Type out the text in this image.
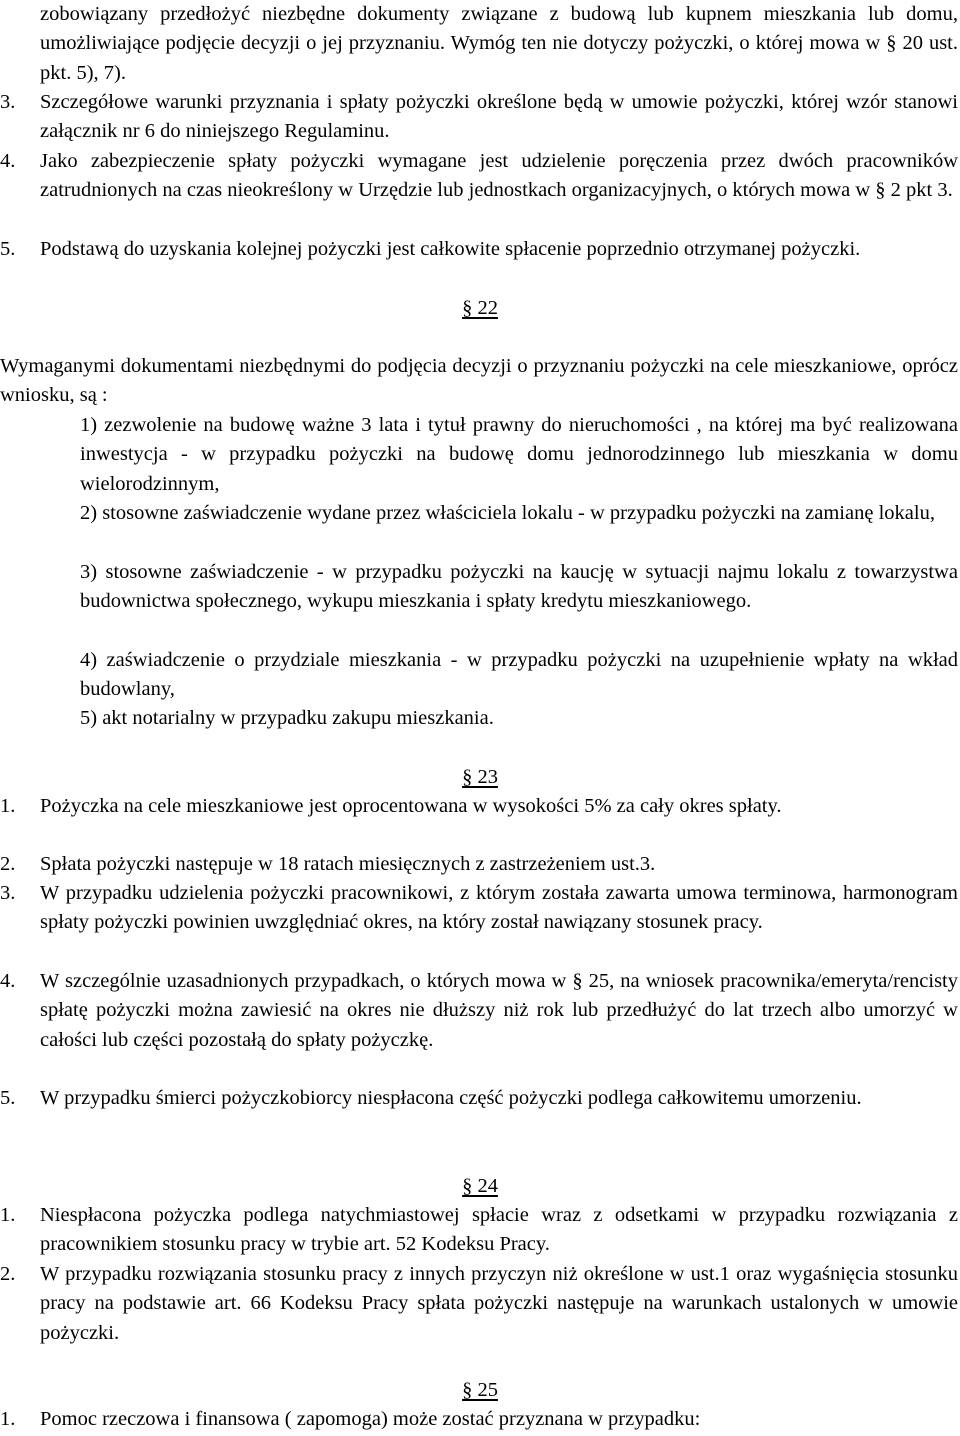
zobowiązany przedłożyć niezbędne dokumenty związane z budową lub kupnem mieszkania lub domu, umożliwiające podjęcie decyzji o jej przyznaniu. Wymóg ten nie dotyczy pożyczki, o której mowa w § 20 ust. pkt. 5), 7).
3. Szczegółowe warunki przyznania i spłaty pożyczki określone będą w umowie pożyczki, której wzór stanowi załącznik nr 6 do niniejszego Regulaminu.
4. Jako zabezpieczenie spłaty pożyczki wymagane jest udzielenie poręczenia przez dwóch pracowników zatrudnionych na czas nieokreślony w Urzędzie lub jednostkach organizacyjnych, o których mowa w § 2 pkt 3.
5. Podstawą do uzyskania kolejnej pożyczki jest całkowite spłacenie poprzednio otrzymanej pożyczki.
§ 22
Wymaganymi dokumentami niezbędnymi do podjęcia decyzji o przyznaniu pożyczki na cele mieszkaniowe, oprócz wniosku, są :
1) zezwolenie na budowę ważne 3 lata i tytuł prawny do nieruchomości , na której ma być realizowana inwestycja - w przypadku pożyczki na budowę domu jednorodzinnego lub mieszkania w domu wielorodzinnym,
2) stosowne zaświadczenie wydane przez właściciela lokalu - w przypadku pożyczki na zamianę lokalu,
3) stosowne zaświadczenie - w przypadku pożyczki na kaucję w sytuacji najmu lokalu z towarzystwa budownictwa społecznego, wykupu mieszkania i spłaty kredytu mieszkaniowego.
4) zaświadczenie o przydziale mieszkania - w przypadku pożyczki na uzupełnienie wpłaty na wkład budowlany,
5) akt notarialny w przypadku zakupu mieszkania.
§ 23
1. Pożyczka na cele mieszkaniowe jest oprocentowana w wysokości 5% za cały okres spłaty.
2. Spłata pożyczki następuje w 18 ratach miesięcznych z zastrzeżeniem ust.3.
3. W przypadku udzielenia pożyczki pracownikowi, z którym została zawarta umowa terminowa, harmonogram spłaty pożyczki powinien uwzględniać okres, na który został nawiązany stosunek pracy.
4. W szczególnie uzasadnionych przypadkach, o których mowa w § 25, na wniosek pracownika/emeryta/rencisty spłatę pożyczki można zawiesić na okres nie dłuższy niż rok lub przedłużyć do lat trzech albo umorzyć w całości lub części pozostałą do spłaty pożyczkę.
5. W przypadku śmierci pożyczkobiorcy niespłacona część pożyczki podlega całkowitemu umorzeniu.
§ 24
1. Niespłacona pożyczka podlega natychmiastowej spłacie wraz z odsetkami w przypadku rozwiązania z pracownikiem stosunku pracy w trybie art. 52 Kodeksu Pracy.
2. W przypadku rozwiązania stosunku pracy z innych przyczyn niż określone w ust.1 oraz wygaśnięcia stosunku pracy na podstawie art. 66 Kodeksu Pracy spłata pożyczki następuje na warunkach ustalonych w umowie pożyczki.
§ 25
1. Pomoc rzeczowa i finansowa ( zapomoga) może zostać przyznana w przypadku:
